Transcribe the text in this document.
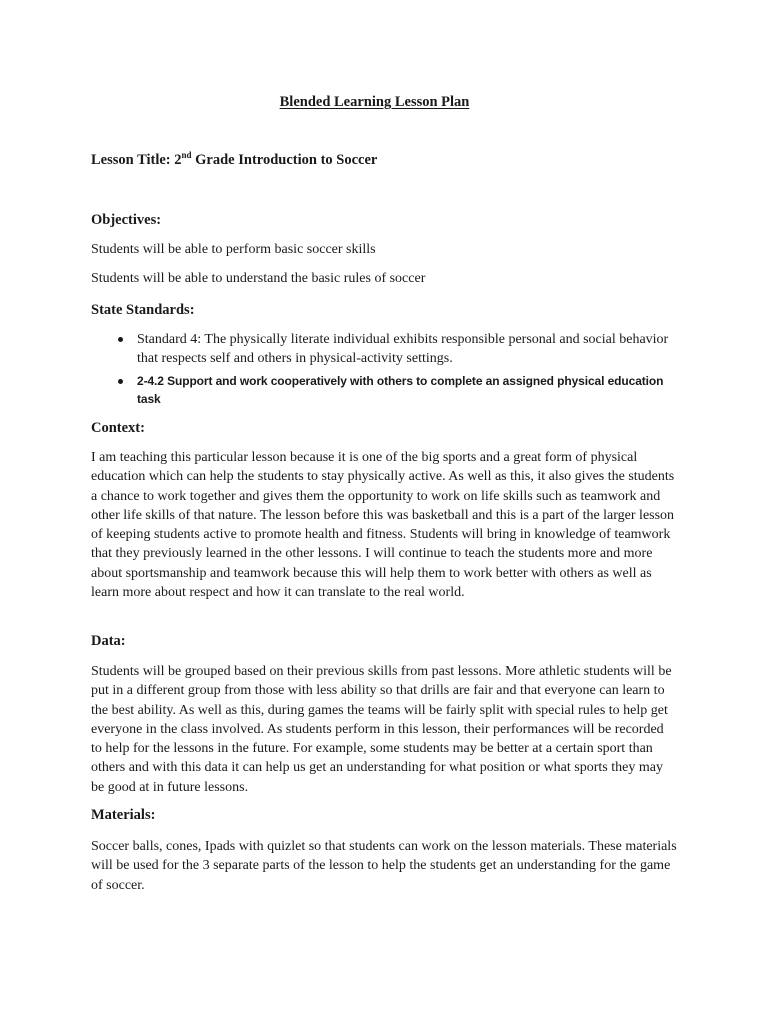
Blended Learning Lesson Plan

Lesson Title: 2nd Grade Introduction to Soccer

Objectives:

Students will be able to perform basic soccer skills

Students will be able to understand the basic rules of soccer

State Standards:
Standard 4: The physically literate individual exhibits responsible personal and social behavior that respects self and others in physical-activity settings.
2-4.2 Support and work cooperatively with others to complete an assigned physical education task
Context:

I am teaching this particular lesson because it is one of the big sports and a great form of physical education which can help the students to stay physically active. As well as this, it also gives the students a chance to work together and gives them the opportunity to work on life skills such as teamwork and other life skills of that nature. The lesson before this was basketball and this is a part of the larger lesson of keeping students active to promote health and fitness. Students will bring in knowledge of teamwork that they previously learned in the other lessons. I will continue to teach the students more and more about sportsmanship and teamwork because this will help them to work better with others as well as learn more about respect and how it can translate to the real world.

Data:

Students will be grouped based on their previous skills from past lessons. More athletic students will be put in a different group from those with less ability so that drills are fair and that everyone can learn to the best ability. As well as this, during games the teams will be fairly split with special rules to help get everyone in the class involved. As students perform in this lesson, their performances will be recorded to help for the lessons in the future. For example, some students may be better at a certain sport than others and with this data it can help us get an understanding for what position or what sports they may be good at in future lessons.

Materials:

Soccer balls, cones, Ipads with quizlet so that students can work on the lesson materials. These materials will be used for the 3 separate parts of the lesson to help the students get an understanding for the game of soccer.
